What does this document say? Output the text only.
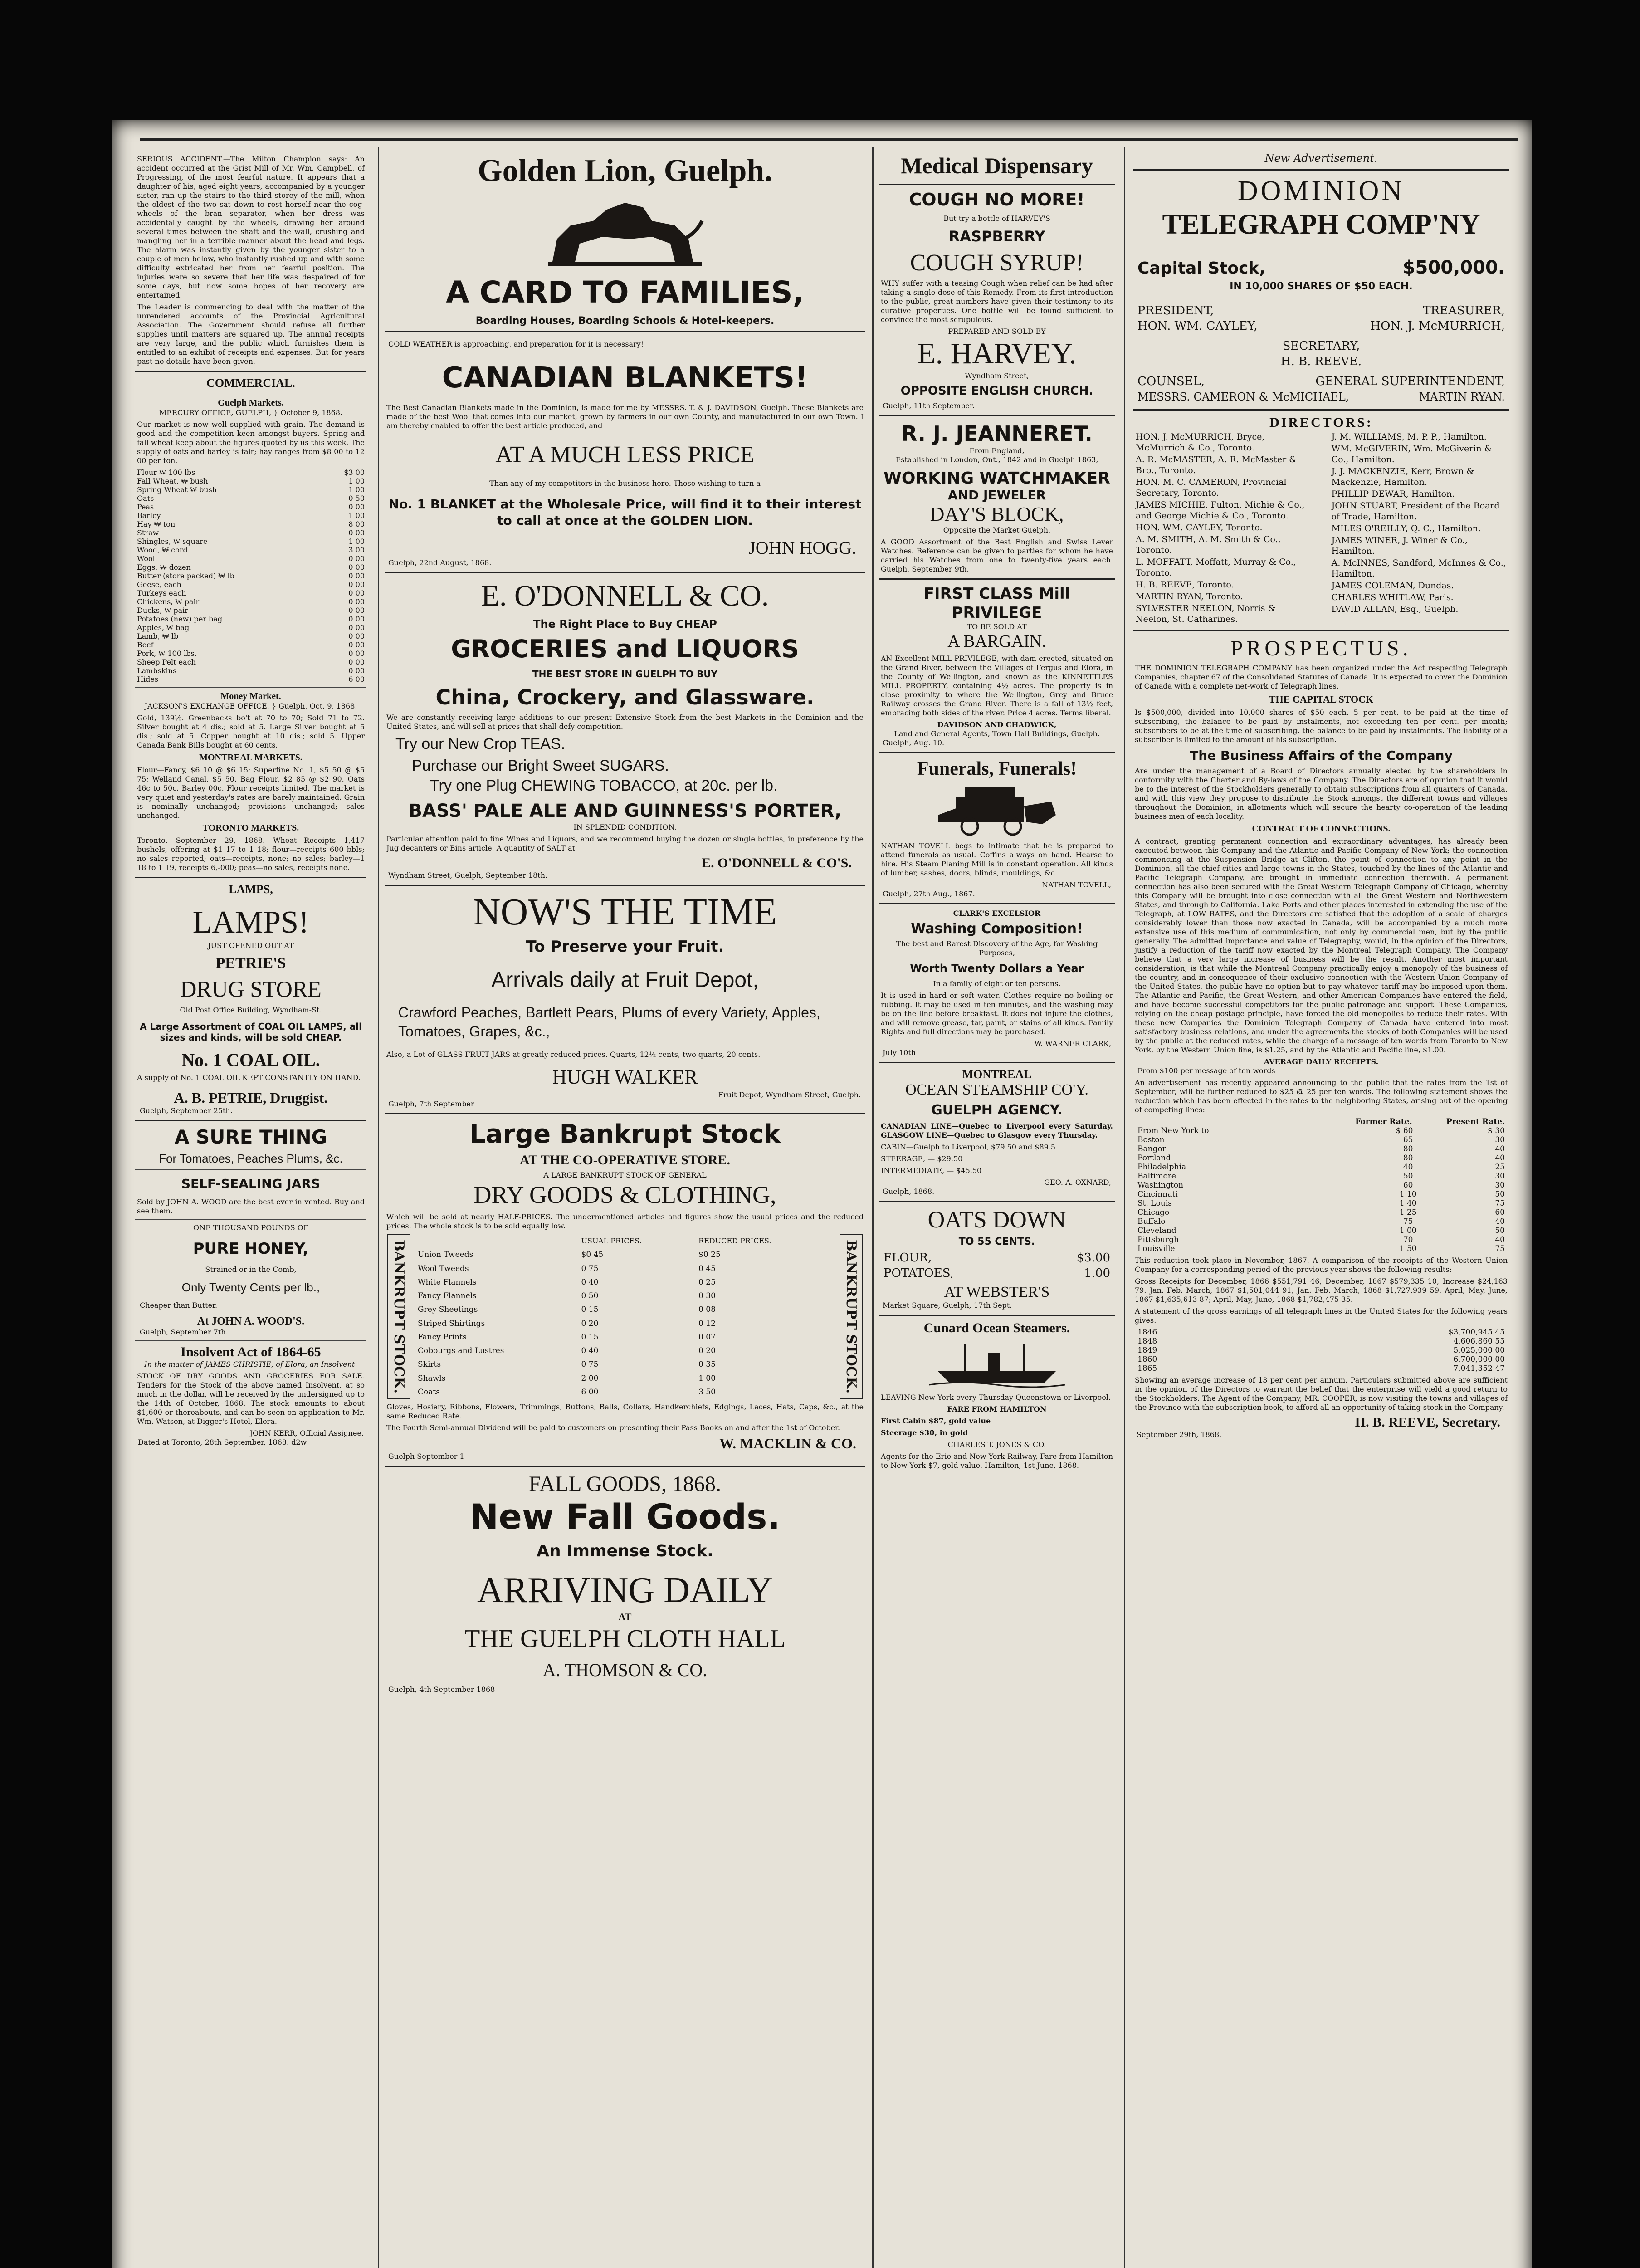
SERIOUS ACCIDENT.—The Milton Champion says: An accident occurred at the Grist Mill of Mr. Wm. Campbell, of Progressing, of the most fearful nature. It appears that a daughter of his, aged eight years, accompanied by a younger sister, ran up the stairs to the third storey of the mill, when the oldest of the two sat down to rest herself near the cog-wheels of the bran separator, when her dress was accidentally caught by the wheels, drawing her around several times between the shaft and the wall, crushing and mangling her in a terrible manner about the head and legs. The alarm was instantly given by the younger sister to a couple of men below, who instantly rushed up and with some difficulty extricated her from her fearful position. The injuries were so severe that her life was despaired of for some days, but now some hopes of her recovery are entertained.
The Leader is commencing to deal with the matter of the unrendered accounts of the Provincial Agricultural Association. The Government should refuse all further supplies until matters are squared up. The annual receipts are very large, and the public which furnishes them is entitled to an exhibit of receipts and expenses. But for years past no details have been given.
COMMERCIAL.
Guelph Markets.
MERCURY OFFICE, GUELPH, } October 9, 1868.
Our market is now well supplied with grain. The demand is good and the competition keen amongst buyers. Spring and fall wheat keep about the figures quoted by us this week. The supply of oats and barley is fair; hay ranges from $8 00 to 12 00 per ton.
Flour ₩ 100 lbs	$3 00
Fall Wheat, ₩ bush	1 00
Spring Wheat ₩ bush	1 00
Oats	0 50
Peas	0 00
Barley	1 00
Hay ₩ ton	8 00
Straw	0 00
Shingles, ₩ square	1 00
Wood, ₩ cord	3 00
Wool	0 00
Eggs, ₩ dozen	0 00
Butter (store packed) ₩ lb	0 00
Geese, each	0 00
Turkeys each	0 00
Chickens, ₩ pair	0 00
Ducks, ₩ pair	0 00
Potatoes (new) per bag	0 00
Apples, ₩ bag	0 00
Lamb, ₩ lb	0 00
Beef	0 00
Pork, ₩ 100 lbs.	0 00
Sheep Pelt each	0 00
Lambskins	0 00
Hides	6 00
Money Market.
JACKSON'S EXCHANGE OFFICE, } Guelph, Oct. 9, 1868.
Gold, 139½. Greenbacks bo't at 70 to 70; Sold 71 to 72. Silver bought at 4 dis.; sold at 5. Large Silver bought at 5 dis.; sold at 5. Copper bought at 10 dis.; sold 5. Upper Canada Bank Bills bought at 60 cents.
MONTREAL MARKETS.
Flour—Fancy, $6 10 @ $6 15; Superfine No. 1, $5 50 @ $5 75; Welland Canal, $5 50. Bag Flour, $2 85 @ $2 90. Oats 46c to 50c. Barley 00c. Flour receipts limited. The market is very quiet and yesterday's rates are barely maintained. Grain is nominally unchanged; provisions unchanged; sales unchanged.
TORONTO MARKETS.
Toronto, September 29, 1868. Wheat—Receipts 1,417 bushels, offering at $1 17 to 1 18; flour—receipts 600 bbls; no sales reported; oats—receipts, none; no sales; barley—1 18 to 1 19, receipts 6,-000; peas—no sales, receipts none.
LAMPS,
LAMPS!
JUST OPENED OUT AT
PETRIE'S
DRUG STORE
Old Post Office Building, Wyndham-St.
A Large Assortment of COAL OIL LAMPS, all sizes and kinds, will be sold CHEAP.
No. 1 COAL OIL.
A supply of No. 1 COAL OIL KEPT CONSTANTLY ON HAND.
A. B. PETRIE, Druggist.
Guelph, September 25th.
A SURE THING
For Tomatoes, Peaches Plums, &c.
SELF-SEALING JARS
Sold by JOHN A. WOOD are the best ever in vented. Buy and see them.
ONE THOUSAND POUNDS OF
PURE HONEY,
Strained or in the Comb,
Only Twenty Cents per lb.,
Cheaper than Butter.
At JOHN A. WOOD'S.
Guelph, September 7th.
Insolvent Act of 1864-65
In the matter of JAMES CHRISTIE, of Elora, an Insolvent.
STOCK OF DRY GOODS AND GROCERIES FOR SALE. Tenders for the Stock of the above named Insolvent, at so much in the dollar, will be received by the undersigned up to the 14th of October, 1868. The stock amounts to about $1,600 or thereabouts, and can be seen on application to Mr. Wm. Watson, at Digger's Hotel, Elora.
JOHN KERR, Official Assignee.
Dated at Toronto, 28th September, 1868. d2w
Golden Lion, Guelph.
A CARD TO FAMILIES,
Boarding Houses, Boarding Schools & Hotel-keepers.
COLD WEATHER is approaching, and preparation for it is necessary!
CANADIAN BLANKETS!
The Best Canadian Blankets made in the Dominion, is made for me by MESSRS. T. & J. DAVIDSON, Guelph. These Blankets are made of the best Wool that comes into our market, grown by farmers in our own County, and manufactured in our own Town. I am thereby enabled to offer the best article produced, and
AT A MUCH LESS PRICE
Than any of my competitors in the business here. Those wishing to turn a
No. 1 BLANKET at the Wholesale Price, will find it to their interest to call at once at the GOLDEN LION.
JOHN HOGG.
Guelph, 22nd August, 1868.
E. O'DONNELL & CO.
The Right Place to Buy CHEAP
GROCERIES and LIQUORS
THE BEST STORE IN GUELPH TO BUY
China, Crockery, and Glassware.
We are constantly receiving large additions to our present Extensive Stock from the best Markets in the Dominion and the United States, and will sell at prices that shall defy competition.
Try our New Crop TEAS.
Purchase our Bright Sweet SUGARS.
Try one Plug CHEWING TOBACCO, at 20c. per lb.
BASS' PALE ALE AND GUINNESS'S PORTER,
IN SPLENDID CONDITION.
Particular attention paid to fine Wines and Liquors, and we recommend buying the dozen or single bottles, in preference by the Jug decanters or Bins article. A quantity of SALT at
E. O'DONNELL & CO'S.
Wyndham Street, Guelph, September 18th.
NOW'S THE TIME
To Preserve your Fruit.
Arrivals daily at Fruit Depot,
Crawford Peaches, Bartlett Pears, Plums of every Variety, Apples, Tomatoes, Grapes, &c.,
Also, a Lot of GLASS FRUIT JARS at greatly reduced prices. Quarts, 12½ cents, two quarts, 20 cents.
HUGH WALKER
Fruit Depot, Wyndham Street, Guelph.
Guelph, 7th September
Large Bankrupt Stock
AT THE CO-OPERATIVE STORE.
A LARGE BANKRUPT STOCK OF GENERAL
DRY GOODS & CLOTHING,
Which will be sold at nearly HALF-PRICES. The undermentioned articles and figures show the usual prices and the reduced prices. The whole stock is to be sold equally low.
BANKRUPT STOCK.
		USUAL PRICES.	REDUCED PRICES.
Union Tweeds	$0 45	$0 25
Wool Tweeds	0 75	0 45
White Flannels	0 40	0 25
Fancy Flannels	0 50	0 30
Grey Sheetings	0 15	0 08
Striped Shirtings	0 20	0 12
Fancy Prints	0 15	0 07
Cobourgs and Lustres	0 40	0 20
Skirts	0 75	0 35
Shawls	2 00	1 00
Coats	6 00	3 50	BANKRUPT STOCK.
Gloves, Hosiery, Ribbons, Flowers, Trimmings, Buttons, Balls, Collars, Handkerchiefs, Edgings, Laces, Hats, Caps, &c., at the same Reduced Rate.
The Fourth Semi-annual Dividend will be paid to customers on presenting their Pass Books on and after the 1st of October.
W. MACKLIN & CO.
Guelph September 1
FALL GOODS, 1868.
New Fall Goods.
An Immense Stock.
ARRIVING DAILY
AT
THE GUELPH CLOTH HALL
A. THOMSON & CO.
Guelph, 4th September 1868
Medical Dispensary
COUGH NO MORE!
But try a bottle of HARVEY'S
RASPBERRY
COUGH SYRUP!
WHY suffer with a teasing Cough when relief can be had after taking a single dose of this Remedy. From its first introduction to the public, great numbers have given their testimony to its curative properties. One bottle will be found sufficient to convince the most scrupulous.
PREPARED AND SOLD BY
E. HARVEY.
Wyndham Street,
OPPOSITE ENGLISH CHURCH.
Guelph, 11th September.
R. J. JEANNERET.
From England,
Established in London, Ont., 1842 and in Guelph 1863,
WORKING WATCHMAKER
AND JEWELER
DAY'S BLOCK,
Opposite the Market Guelph.
A GOOD Assortment of the Best English and Swiss Lever Watches. Reference can be given to parties for whom he have carried his Watches from one to twenty-five years each. Guelph, September 9th.
FIRST CLASS Mill PRIVILEGE
TO BE SOLD AT
A BARGAIN.
AN Excellent MILL PRIVILEGE, with dam erected, situated on the Grand River, between the Villages of Fergus and Elora, in the County of Wellington, and known as the KINNETTLES MILL PROPERTY, containing 4½ acres. The property is in close proximity to where the Wellington, Grey and Bruce Railway crosses the Grand River. There is a fall of 13½ feet, embracing both sides of the river. Price 4 acres. Terms liberal.
DAVIDSON AND CHADWICK,
Land and General Agents, Town Hall Buildings, Guelph.
Guelph, Aug. 10.
Funerals, Funerals!
NATHAN TOVELL begs to intimate that he is prepared to attend funerals as usual. Coffins always on hand. Hearse to hire. His Steam Planing Mill is in constant operation. All kinds of lumber, sashes, doors, blinds, mouldings, &c.
NATHAN TOVELL,
Guelph, 27th Aug., 1867.
CLARK'S EXCELSIOR
Washing Composition!
The best and Rarest Discovery of the Age, for Washing Purposes,
Worth Twenty Dollars a Year
In a family of eight or ten persons.
It is used in hard or soft water. Clothes require no boiling or rubbing. It may be used in ten minutes, and the washing may be on the line before breakfast. It does not injure the clothes, and will remove grease, tar, paint, or stains of all kinds. Family Rights and full directions may be purchased.
W. WARNER CLARK,
July 10th
MONTREAL
OCEAN STEAMSHIP CO'Y.
GUELPH AGENCY.
CANADIAN LINE—Quebec to Liverpool every Saturday. GLASGOW LINE—Quebec to Glasgow every Thursday.
CABIN—Guelph to Liverpool, $79.50 and $89.5
STEERAGE, — $29.50
INTERMEDIATE, — $45.50
GEO. A. OXNARD,
Guelph, 1868.
OATS DOWN
TO 55 CENTS.
FLOUR,	$3.00
POTATOES,	1.00
AT WEBSTER'S
Market Square, Guelph, 17th Sept.
Cunard Ocean Steamers.
LEAVING New York every Thursday Queenstown or Liverpool.
FARE FROM HAMILTON
First Cabin $87, gold value
Steerage $30, in gold
CHARLES T. JONES & CO.
Agents for the Erie and New York Railway, Fare from Hamilton to New York $7, gold value. Hamilton, 1st June, 1868.
New Advertisement.
DOMINION
TELEGRAPH COMP'NY
Capital Stock,	$500,000.
IN 10,000 SHARES OF $50 EACH.
PRESIDENT,	TREASURER,
HON. WM. CAYLEY,	HON. J. McMURRICH,
SECRETARY,
H. B. REEVE.
COUNSEL,	GENERAL SUPERINTENDENT,
MESSRS. CAMERON & McMICHAEL,	MARTIN RYAN.
DIRECTORS:
HON. J. McMURRICH, Bryce, McMurrich & Co., Toronto.
A. R. McMASTER, A. R. McMaster & Bro., Toronto.
HON. M. C. CAMERON, Provincial Secretary, Toronto.
JAMES MICHIE, Fulton, Michie & Co., and George Michie & Co., Toronto.
HON. WM. CAYLEY, Toronto.
A. M. SMITH, A. M. Smith & Co., Toronto.
L. MOFFATT, Moffatt, Murray & Co., Toronto.
H. B. REEVE, Toronto.
MARTIN RYAN, Toronto.
SYLVESTER NEELON, Norris & Neelon, St. Catharines.
J. M. WILLIAMS, M. P. P., Hamilton.
WM. McGIVERIN, Wm. McGiverin & Co., Hamilton.
J. J. MACKENZIE, Kerr, Brown & Mackenzie, Hamilton.
PHILLIP DEWAR, Hamilton.
JOHN STUART, President of the Board of Trade, Hamilton.
MILES O'REILLY, Q. C., Hamilton.
JAMES WINER, J. Winer & Co., Hamilton.
A. McINNES, Sandford, McInnes & Co., Hamilton.
JAMES COLEMAN, Dundas.
CHARLES WHITLAW, Paris.
DAVID ALLAN, Esq., Guelph.
PROSPECTUS.
THE DOMINION TELEGRAPH COMPANY has been organized under the Act respecting Telegraph Companies, chapter 67 of the Consolidated Statutes of Canada. It is expected to cover the Dominion of Canada with a complete net-work of Telegraph lines.
THE CAPITAL STOCK
Is $500,000, divided into 10,000 shares of $50 each. 5 per cent. to be paid at the time of subscribing, the balance to be paid by instalments, not exceeding ten per cent. per month; subscribers to be at the time of subscribing, the balance to be paid by instalments. The liability of a subscriber is limited to the amount of his subscription.
The Business Affairs of the Company
Are under the management of a Board of Directors annually elected by the shareholders in conformity with the Charter and By-laws of the Company. The Directors are of opinion that it would be to the interest of the Stockholders generally to obtain subscriptions from all quarters of Canada, and with this view they propose to distribute the Stock amongst the different towns and villages throughout the Dominion, in allotments which will secure the hearty co-operation of the leading business men of each locality.
CONTRACT OF CONNECTIONS.
A contract, granting permanent connection and extraordinary advantages, has already been executed between this Company and the Atlantic and Pacific Company of New York; the connection commencing at the Suspension Bridge at Clifton, the point of connection to any point in the Dominion, all the chief cities and large towns in the States, touched by the lines of the Atlantic and Pacific Telegraph Company, are brought in immediate connection therewith. A permanent connection has also been secured with the Great Western Telegraph Company of Chicago, whereby this Company will be brought into close connection with all the Great Western and Northwestern States, and through to California. Lake Ports and other places interested in extending the use of the Telegraph, at LOW RATES, and the Directors are satisfied that the adoption of a scale of charges considerably lower than those now exacted in Canada, will be accompanied by a much more extensive use of this medium of communication, not only by commercial men, but by the public generally. The admitted importance and value of Telegraphy, would, in the opinion of the Directors, justify a reduction of the tariff now exacted by the Montreal Telegraph Company. The Company believe that a very large increase of business will be the result. Another most important consideration, is that while the Montreal Company practically enjoy a monopoly of the business of the country, and in consequence of their exclusive connection with the Western Union Company of the United States, the public have no option but to pay whatever tariff may be imposed upon them. The Atlantic and Pacific, the Great Western, and other American Companies have entered the field, and have become successful competitors for the public patronage and support. These Companies, relying on the cheap postage principle, have forced the old monopolies to reduce their rates. With these new Companies the Dominion Telegraph Company of Canada have entered into most satisfactory business relations, and under the agreements the stocks of both Companies will be used by the public at the reduced rates, while the charge of a message of ten words from Toronto to New York, by the Western Union line, is $1.25, and by the Atlantic and Pacific line, $1.00.
AVERAGE DAILY RECEIPTS.
From $100 per message of ten words
An advertisement has recently appeared announcing to the public that the rates from the 1st of September, will be further reduced to $25 @ 25 per ten words. The following statement shows the reduction which has been effected in the rates to the neighboring States, arising out of the opening of competing lines:
Former Rate.	Present Rate.
From New York to	$ 60	$ 30
Boston	65	30
Bangor	80	40
Portland	80	40
Philadelphia	40	25
Baltimore	50	30
Washington	60	30
Cincinnati	1 10	50
St. Louis	1 40	75
Chicago	1 25	60
Buffalo	75	40
Cleveland	1 00	50
Pittsburgh	70	40
Louisville	1 50	75
This reduction took place in November, 1867. A comparison of the receipts of the Western Union Company for a corresponding period of the previous year shows the following results:
Gross Receipts for December, 1866 $551,791 46; December, 1867 $579,335 10; Increase $24,163 79. Jan. Feb. March, 1867 $1,501,044 91; Jan. Feb. March, 1868 $1,727,939 59. April, May, June, 1867 $1,635,613 87; April, May, June, 1868 $1,782,475 35.
A statement of the gross earnings of all telegraph lines in the United States for the following years gives:
1846	$3,700,945 45
1848	4,606,860 55
1849	5,025,000 00
1860	6,700,000 00
1865	7,041,352 47
Showing an average increase of 13 per cent per annum. Particulars submitted above are sufficient in the opinion of the Directors to warrant the belief that the enterprise will yield a good return to the Stockholders. The Agent of the Company, MR. COOPER, is now visiting the towns and villages of the Province with the subscription book, to afford all an opportunity of taking stock in the Company.
H. B. REEVE, Secretary.
September 29th, 1868.
